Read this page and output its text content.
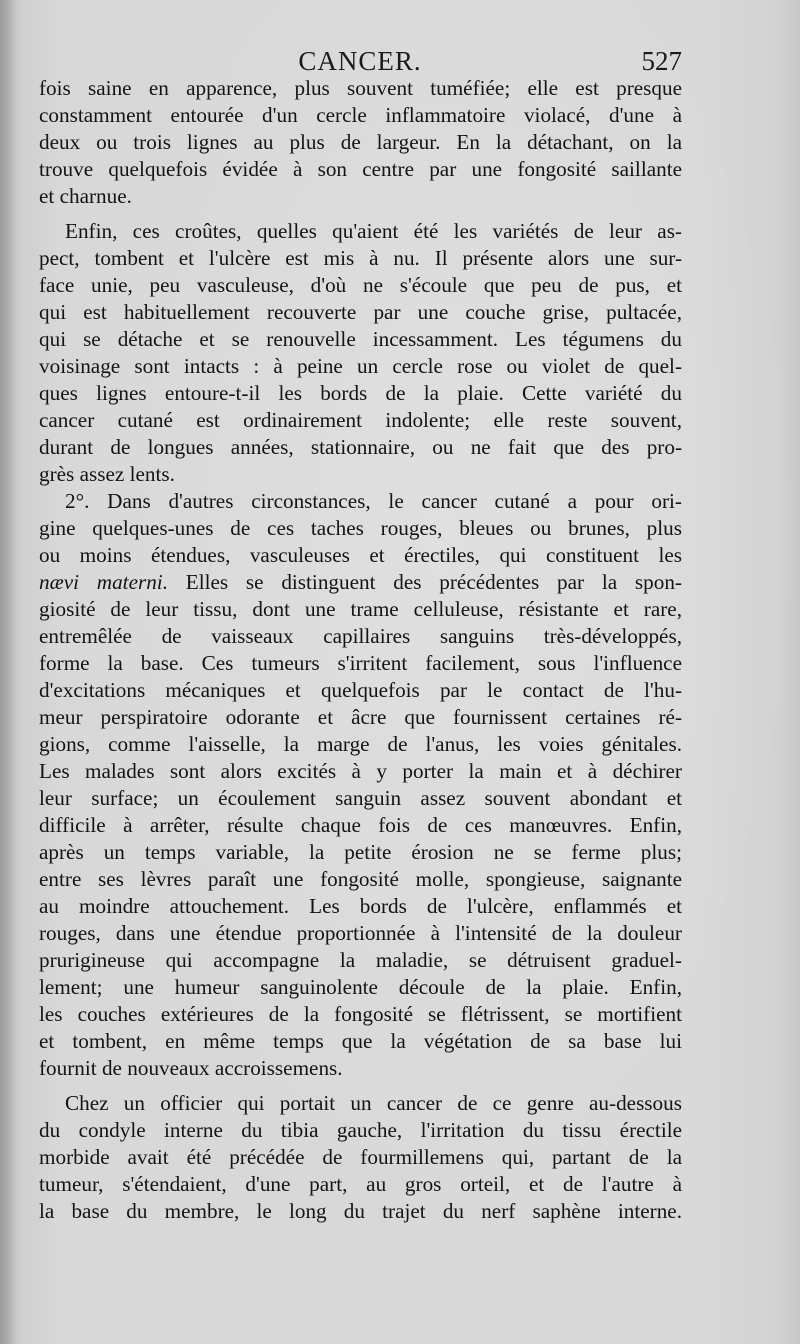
CANCER.	527

fois saine en apparence, plus souvent tuméfiée; elle est presque
constamment entourée d'un cercle inflammatoire violacé, d'une à
deux ou trois lignes au plus de largeur. En la détachant, on la
trouve quelquefois évidée à son centre par une fongosité saillante
et charnue.

Enfin, ces croûtes, quelles qu'aient été les variétés de leur as-
pect, tombent et l'ulcère est mis à nu. Il présente alors une sur-
face unie, peu vasculeuse, d'où ne s'écoule que peu de pus, et
qui est habituellement recouverte par une couche grise, pultacée,
qui se détache et se renouvelle incessamment. Les tégumens du
voisinage sont intacts : à peine un cercle rose ou violet de quel-
ques lignes entoure-t-il les bords de la plaie. Cette variété du
cancer cutané est ordinairement indolente; elle reste souvent,
durant de longues années, stationnaire, ou ne fait que des pro-
grès assez lents.

2°. Dans d'autres circonstances, le cancer cutané a pour ori-
gine quelques-unes de ces taches rouges, bleues ou brunes, plus
ou moins étendues, vasculeuses et érectiles, qui constituent les
nævi materni. Elles se distinguent des précédentes par la spon-
giosité de leur tissu, dont une trame celluleuse, résistante et rare,
entremêlée de vaisseaux capillaires sanguins très-développés,
forme la base. Ces tumeurs s'irritent facilement, sous l'influence
d'excitations mécaniques et quelquefois par le contact de l'hu-
meur perspiratoire odorante et âcre que fournissent certaines ré-
gions, comme l'aisselle, la marge de l'anus, les voies génitales.
Les malades sont alors excités à y porter la main et à déchirer
leur surface; un écoulement sanguin assez souvent abondant et
difficile à arrêter, résulte chaque fois de ces manœuvres. Enfin,
après un temps variable, la petite érosion ne se ferme plus;
entre ses lèvres paraît une fongosité molle, spongieuse, saignante
au moindre attouchement. Les bords de l'ulcère, enflammés et
rouges, dans une étendue proportionnée à l'intensité de la douleur
prurigineuse qui accompagne la maladie, se détruisent graduel-
lement; une humeur sanguinolente découle de la plaie. Enfin,
les couches extérieures de la fongosité se flétrissent, se mortifient
et tombent, en même temps que la végétation de sa base lui
fournit de nouveaux accroissemens.

Chez un officier qui portait un cancer de ce genre au-dessous
du condyle interne du tibia gauche, l'irritation du tissu érectile
morbide avait été précédée de fourmillemens qui, partant de la
tumeur, s'étendaient, d'une part, au gros orteil, et de l'autre à
la base du membre, le long du trajet du nerf saphène interne.
